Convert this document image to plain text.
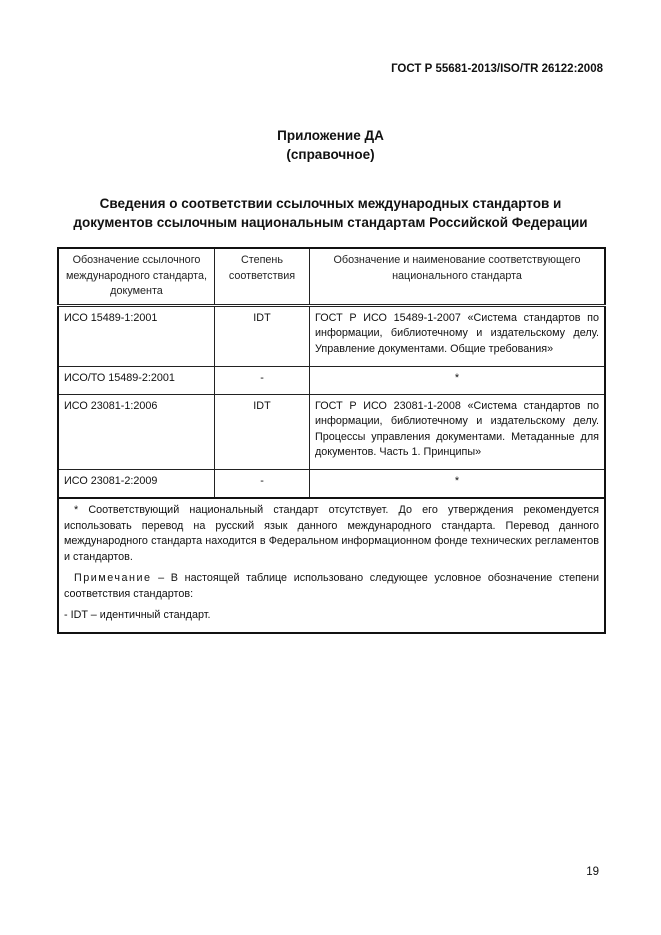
ГОСТ Р 55681-2013/ISO/TR 26122:2008
Приложение ДА
(справочное)
Сведения о соответствии ссылочных международных стандартов и
документов ссылочным национальным стандартам Российской Федерации
Обозначение ссылочного международного стандарта, документа	Степень соответствия	Обозначение и наименование соответствующего национального стандарта
ИСО 15489-1:2001	IDT	ГОСТ Р ИСО 15489-1-2007 «Система стандартов по информации, библиотечному и издательскому делу. Управление документами. Общие требования»
ИСО/ТО 15489-2:2001	-	*
ИСО 23081-1:2006	IDT	ГОСТ Р ИСО 23081-1-2008 «Система стандартов по информации, библиотечному и издательскому делу. Процессы управления документами. Метаданные для документов. Часть 1. Принципы»
ИСО 23081-2:2009	-	*

* Соответствующий национальный стандарт отсутствует. До его утверждения рекомендуется использовать перевод на русский язык данного международного стандарта. Перевод данного международного стандарта находится в Федеральном информационном фонде технических регламентов и стандартов.

Примечание – В настоящей таблице использовано следующее условное обозначение степени соответствия стандартов:

- IDT – идентичный стандарт.		

19
